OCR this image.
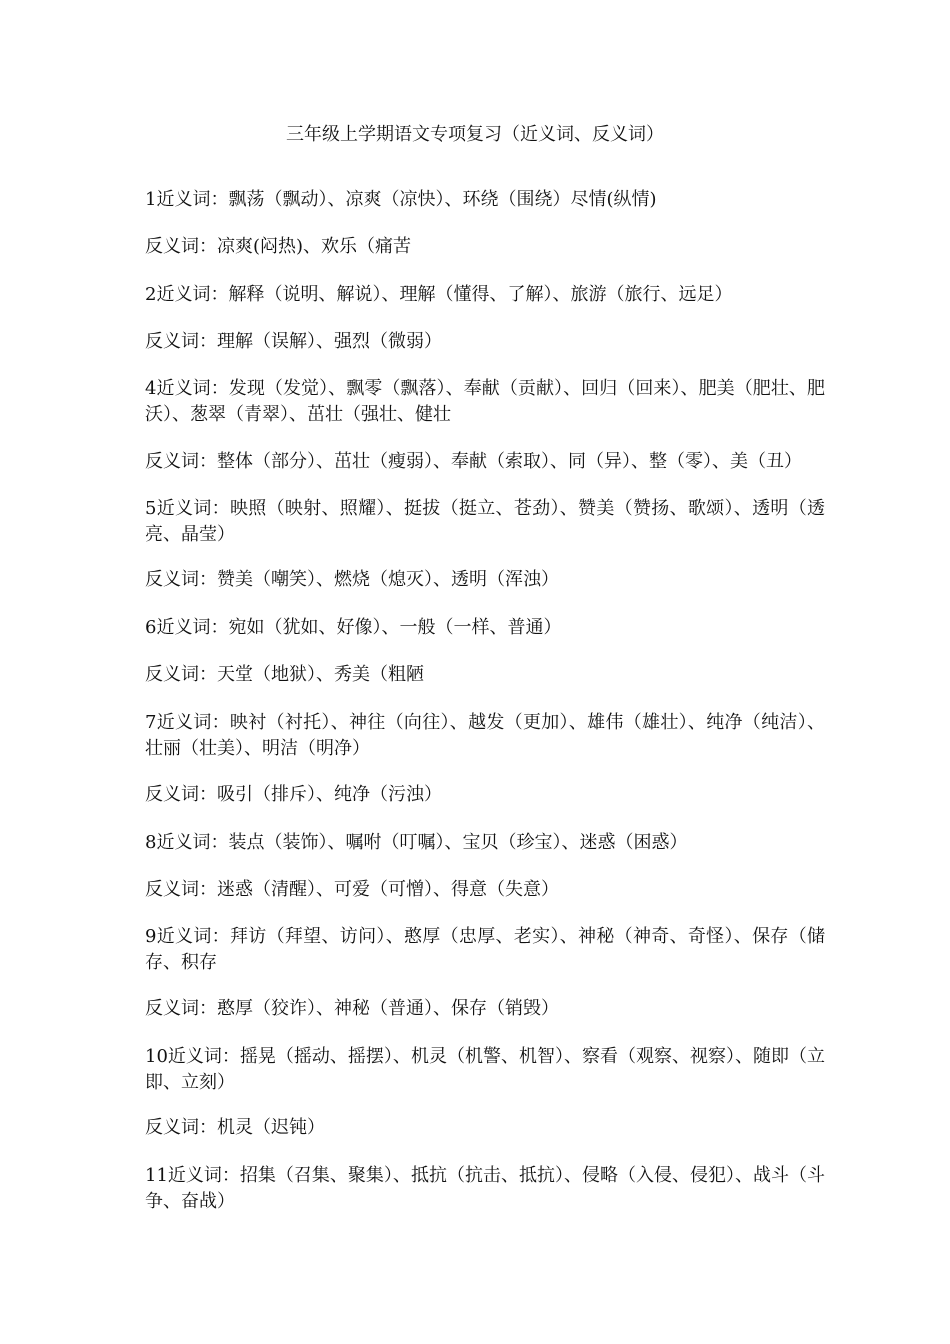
三年级上学期语文专项复习（近义词、反义词）

1近义词：飘荡（飘动）、凉爽（凉快）、环绕（围绕）尽情(纵情)

反义词：凉爽(闷热)、欢乐（痛苦

2近义词：解释（说明、解说）、理解（懂得、了解）、旅游（旅行、远足）

反义词：理解（误解）、强烈（微弱）

4近义词：发现（发觉）、飘零（飘落）、奉献（贡献）、回归（回来）、肥美（肥壮、肥沃）、葱翠（青翠）、茁壮（强壮、健壮

反义词：整体（部分）、茁壮（瘦弱）、奉献（索取）、同（异）、整（零）、美（丑）

5近义词：映照（映射、照耀）、挺拔（挺立、苍劲）、赞美（赞扬、歌颂）、透明（透亮、晶莹）

反义词：赞美（嘲笑）、燃烧（熄灭）、透明（浑浊）

6近义词：宛如（犹如、好像）、一般（一样、普通）

反义词：天堂（地狱）、秀美（粗陋

7近义词：映衬（衬托）、神往（向往）、越发（更加）、雄伟（雄壮）、纯净（纯洁）、壮丽（壮美）、明洁（明净）

反义词：吸引（排斥）、纯净（污浊）

8近义词：装点（装饰）、嘱咐（叮嘱）、宝贝（珍宝）、迷惑（困惑）

反义词：迷惑（清醒）、可爱（可憎）、得意（失意）

9近义词：拜访（拜望、访问）、憨厚（忠厚、老实）、神秘（神奇、奇怪）、保存（储存、积存

反义词：憨厚（狡诈）、神秘（普通）、保存（销毁）

10近义词：摇晃（摇动、摇摆）、机灵（机警、机智）、察看（观察、视察）、随即（立即、立刻）

反义词：机灵（迟钝）

11近义词：招集（召集、聚集）、抵抗（抗击、抵抗）、侵略（入侵、侵犯）、战斗（斗争、奋战）
